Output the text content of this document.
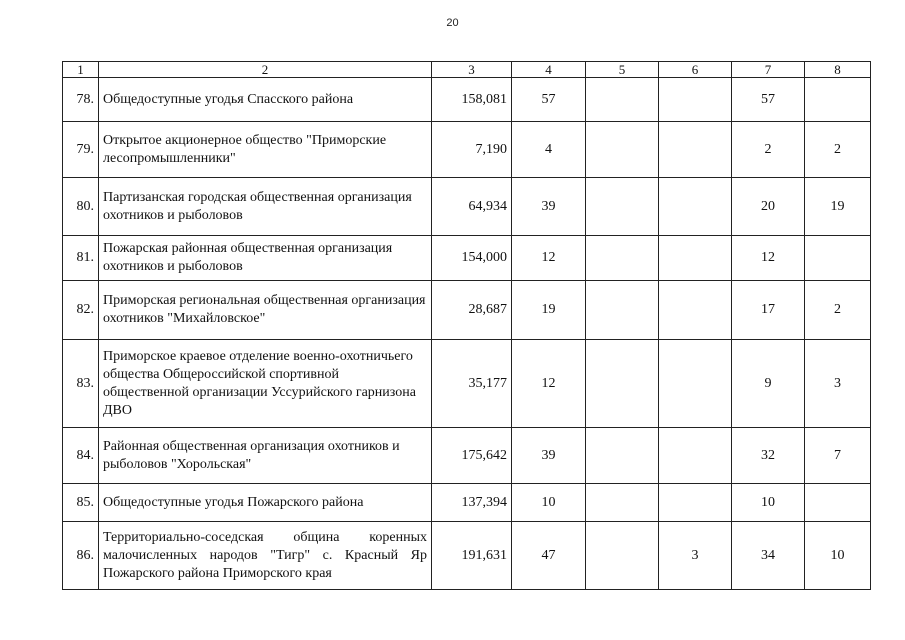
20
1	2	3	4	5	6	7	8
78.	Общедоступные угодья Спасского района	158,081	57			57	
79.	Открытое акционерное общество "Приморские лесопромышленники"	7,190	4			2	2
80.	Партизанская городская общественная организация охотников и рыболовов	64,934	39			20	19
81.	Пожарская районная общественная организация охотников и рыболовов	154,000	12			12	
82.	Приморская региональная общественная организация охотников "Михайловское"	28,687	19			17	2
83.	Приморское краевое отделение военно-охотничьего общества Общероссийской спортивной общественной организации Уссурийского гарнизона ДВО	35,177	12			9	3
84.	Районная общественная организация охотников и рыболовов "Хорольская"	175,642	39			32	7
85.	Общедоступные угодья Пожарского района	137,394	10			10	
86.	Территориально-соседская община коренных малочисленных народов "Тигр" с. Красный Яр Пожарского района Приморского края	191,631	47		3	34	10
